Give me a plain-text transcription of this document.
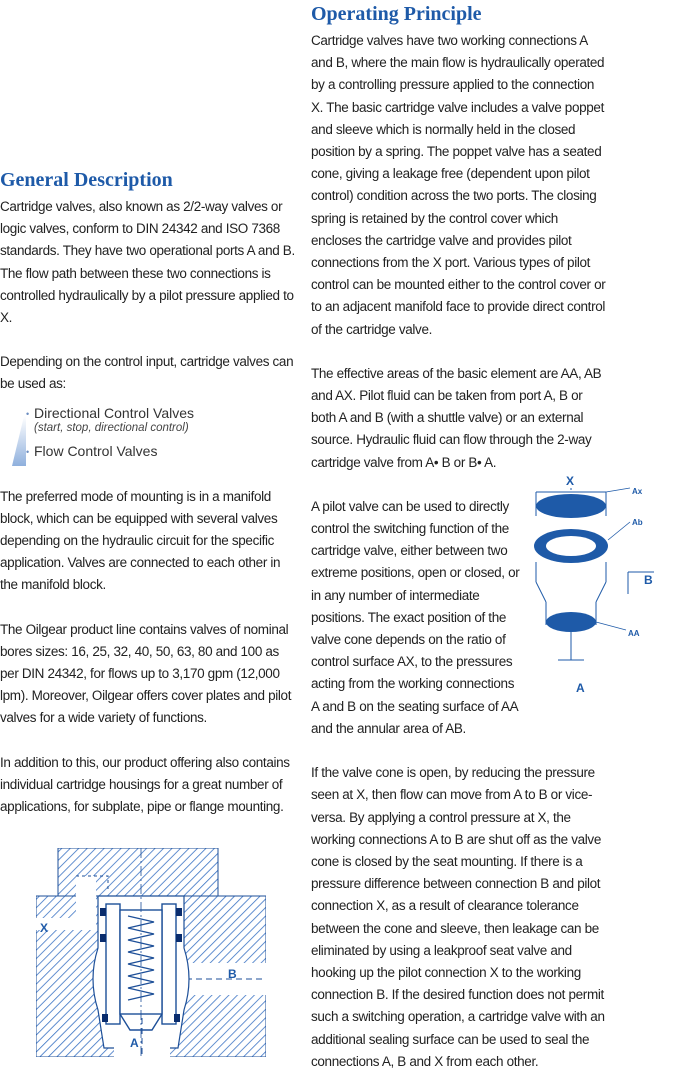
General Description

Cartridge valves, also known as 2/2-way valves or logic valves, conform to DIN 24342 and ISO 7368 standards. They have two operational ports A and B. The flow path between these two connections is controlled hydraulically by a pilot pressure applied to X.

Depending on the control input, cartridge valves can be used as:

• Directional Control Valves
(start, stop, directional control)
• Flow Control Valves

The preferred mode of mounting is in a manifold block, which can be equipped with several valves depending on the hydraulic circuit for the specific application. Valves are connected to each other in the manifold block.

The Oilgear product line contains valves of nominal bores sizes: 16, 25, 32, 40, 50, 63, 80 and 100 as per DIN 24342, for flows up to 3,170 gpm (12,000 lpm). Moreover, Oilgear offers cover plates and pilot valves for a wide variety of functions.

In addition to this, our product offering also contains individual cartridge housings for a great number of applications, for subplate, pipe or flange mounting.

X
B
A
Operating Principle

Cartridge valves have two working connections A and B, where the main flow is hydraulically operated by a controlling pressure applied to the connection X. The basic cartridge valve includes a valve poppet and sleeve which is normally held in the closed position by a spring. The poppet valve has a seated cone, giving a leakage free (dependent upon pilot control) condition across the two ports. The closing spring is retained by the control cover which encloses the cartridge valve and provides pilot connections from the X port. Various types of pilot control can be mounted either to the control cover or to an adjacent manifold face to provide direct control of the cartridge valve.

The effective areas of the basic element are AA, AB and AX. Pilot fluid can be taken from port A, B or both A and B (with a shuttle valve) or an external source. Hydraulic fluid can flow through the 2-way cartridge valve from A• B or B• A.

A pilot valve can be used to directly control the switching function of the cartridge valve, either between two extreme positions, open or closed, or in any number of intermediate positions. The exact position of the valve cone depends on the ratio of control surface AX, to the pressures acting from the working connections A and B on the seating surface of AA and the annular area of AB.

If the valve cone is open, by reducing the pressure seen at X, then flow can move from A to B or vice-versa. By applying a control pressure at X, the working connections A to B are shut off as the valve cone is closed by the seat mounting. If there is a pressure difference between connection B and pilot connection X, as a result of clearance tolerance between the cone and sleeve, then leakage can be eliminated by using a leakproof seat valve and hooking up the pilot connection X to the working connection B. If the desired function does not permit such a switching operation, a cartridge valve with an additional sealing surface can be used to seal the connections A, B and X from each other.

X
Ax
Ab
B
AA
A
